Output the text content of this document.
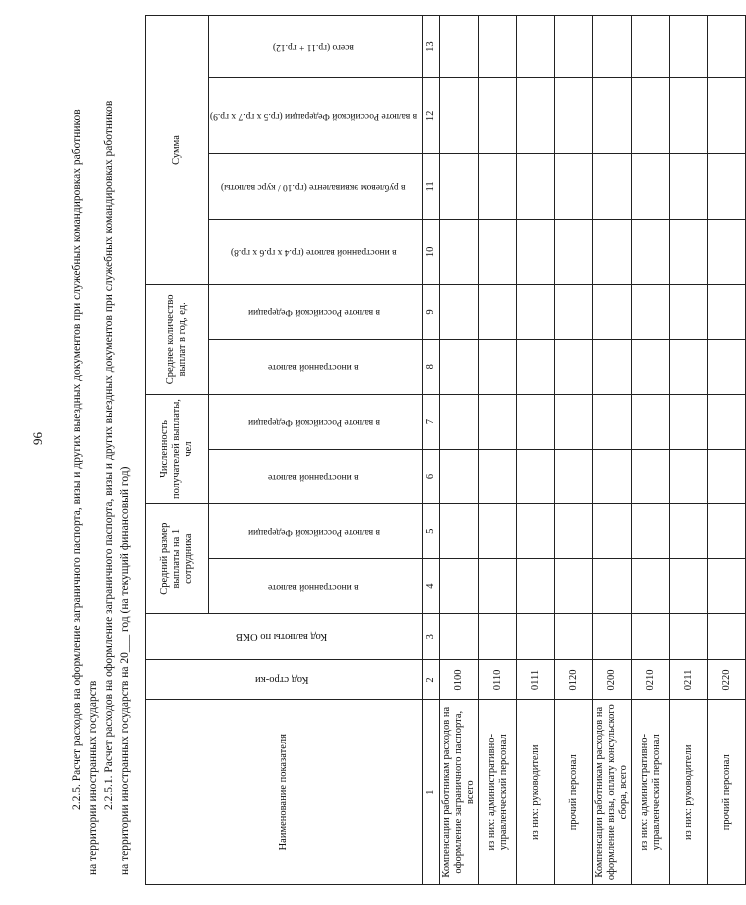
96 2.2.5. Расчет расходов на оформление заграничного паспорта, визы и других выездных документов при служебных командировках работников на территории иностранных государств 2.2.5.1. Расчет расходов на оформление заграничного паспорта, визы и других выездных документов при служебных командировках работников на территории иностранных государств на 20___ год (на текущий финансовый год)	Наименование показателя	Код стро-ки	Код валюты по ОКВ	Средний размер выплаты на 1 сотрудника		Численность получателей выплаты, чел		Среднее количество выплат в год, ед.		Сумма			
			в иностранной валюте	в валюте Российской Федерации	в иностранной валюте	в валюте Российской Федерации	в иностранной валюте	в валюте Российской Федерации	в иностранной валюте (гр.4 х гр.6 х гр.8)	в рублевом эквиваленте (гр.10 / курс валюты)	в валюте Российской Федерации (гр.5 х гр.7 х гр.9)	всего (гр.11 + гр.12)

1	2	3	4	5	6	7	8	9	10	11	12	13
Компенсации работникам расходов на оформление заграничного паспорта, всего	0100											
из них: административно-управленческий персонал	0110											
из них: руководители	0111											
прочий персонал	0120											
Компенсации работникам расходов на оформление визы, оплату консульского сбора, всего	0200											
из них: административно-управленческий персонал	0210											
из них: руководители	0211											
прочий персонал	0220											
